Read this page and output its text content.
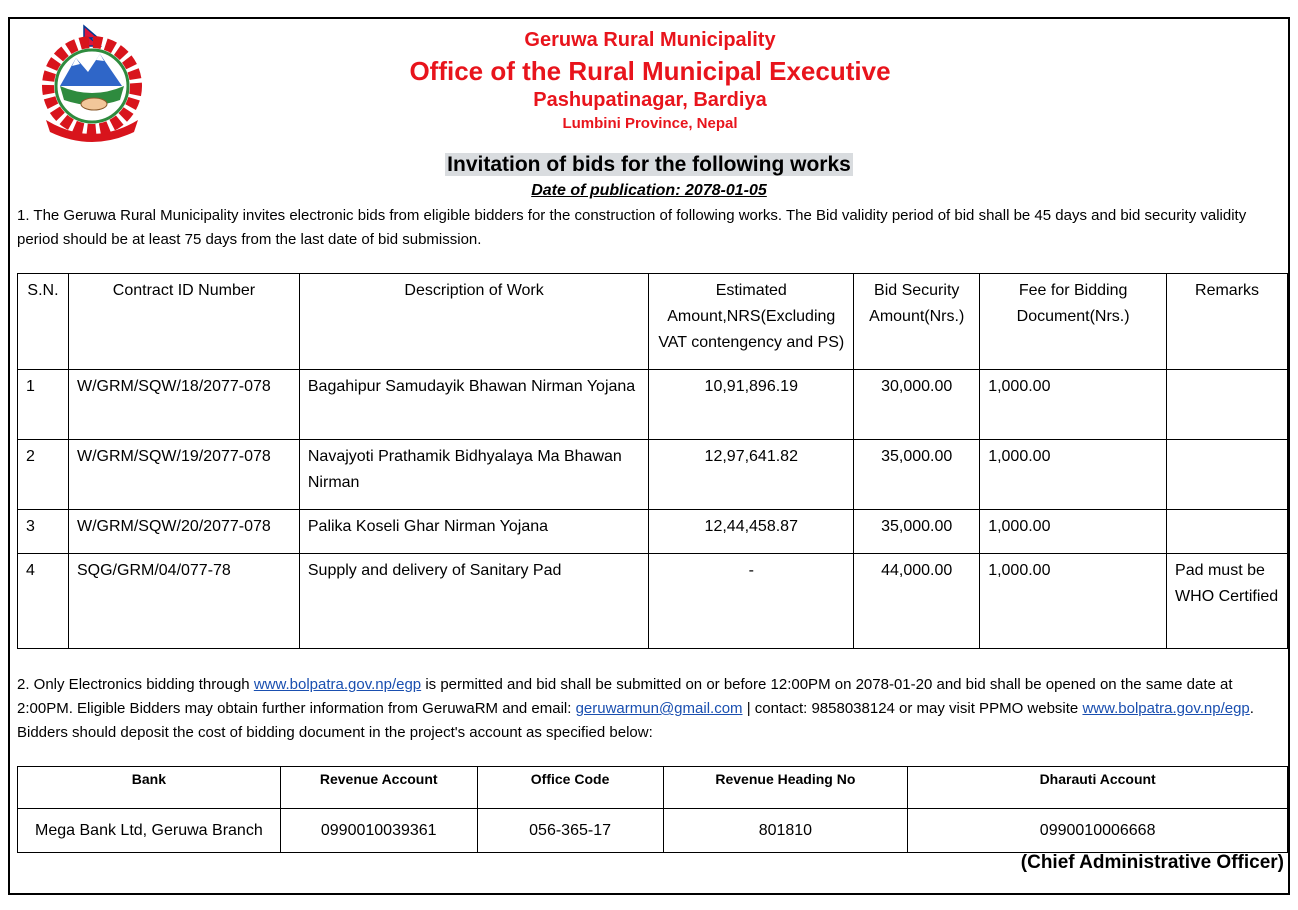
Geruwa Rural Municipality
Office of the Rural Municipal Executive
Pashupatinagar, Bardiya
Lumbini Province, Nepal
Invitation of bids for the following works
Date of publication: 2078-01-05
1. The Geruwa Rural Municipality invites electronic bids from eligible bidders for the construction of following works. The Bid validity period of bid shall be 45 days and bid security validity period should be at least 75 days from the last date of bid submission.
S.N.	Contract ID Number	Description of Work	Estimated Amount,NRS(Excluding VAT contengency and PS)	Bid Security Amount(Nrs.)	Fee for Bidding Document(Nrs.)	Remarks
1	W/GRM/SQW/18/2077-078	Bagahipur Samudayik Bhawan Nirman Yojana	10,91,896.19	30,000.00	1,000.00	
2	W/GRM/SQW/19/2077-078	Navajyoti Prathamik Bidhyalaya Ma Bhawan Nirman	12,97,641.82	35,000.00	1,000.00	
3	W/GRM/SQW/20/2077-078	Palika Koseli Ghar Nirman Yojana	12,44,458.87	35,000.00	1,000.00	
4	SQG/GRM/04/077-78	Supply and delivery of Sanitary Pad	-	44,000.00	1,000.00	Pad must be WHO Certified
2. Only Electronics bidding through www.bolpatra.gov.np/egp is permitted and bid shall be submitted on or before 12:00PM on 2078-01-20 and bid shall be opened on the same date at 2:00PM. Eligible Bidders may obtain further information from GeruwaRM and email: geruwarmun@gmail.com | contact: 9858038124 or may visit PPMO website www.bolpatra.gov.np/egp. Bidders should deposit the cost of bidding document in the project's account as specified below:
Bank	Revenue Account	Office Code	Revenue Heading No	Dharauti Account
Mega Bank Ltd, Geruwa Branch	0990010039361	056-365-17	801810	0990010006668
(Chief Administrative Officer)
